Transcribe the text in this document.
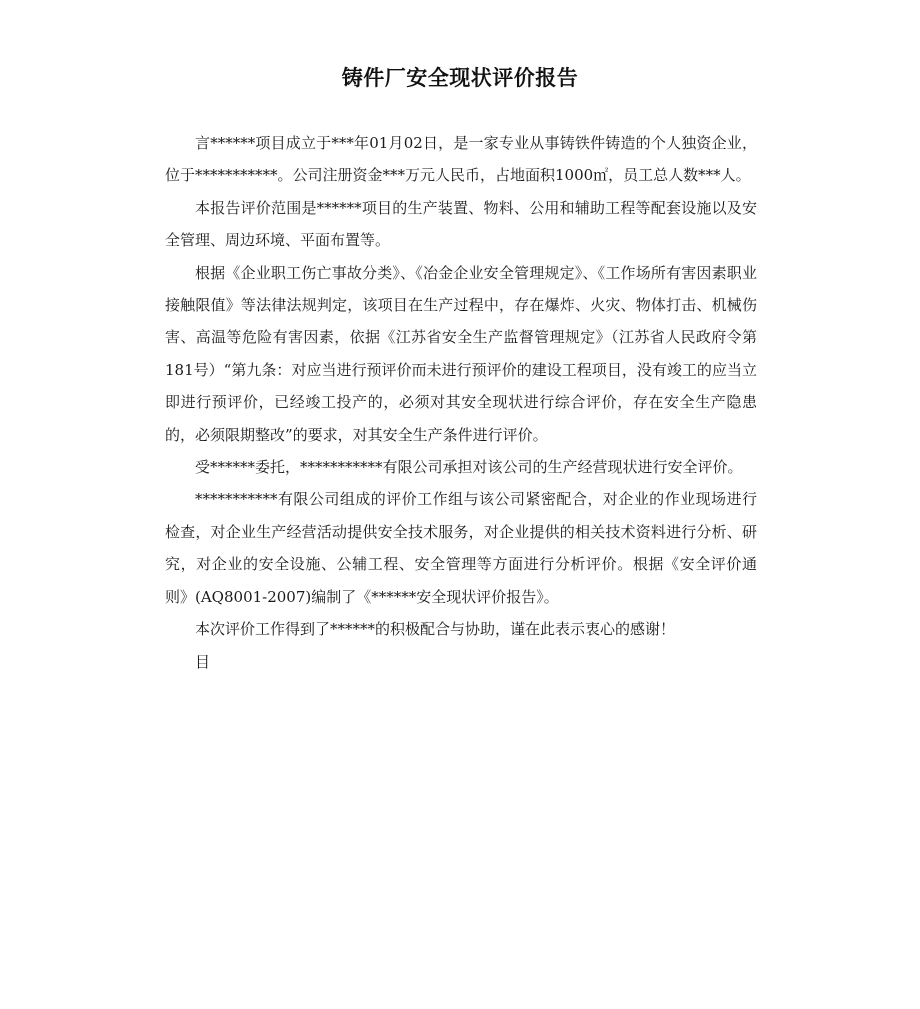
铸件厂安全现状评价报告

言******项目成立于***年01月02日，是一家专业从事铸铁件铸造的个人独资企业，位于***********。公司注册资金***万元人民币，占地面积1000㎡，员工总人数***人。

本报告评价范围是******项目的生产装置、物料、公用和辅助工程等配套设施以及安全管理、周边环境、平面布置等。

根据《企业职工伤亡事故分类》、《冶金企业安全管理规定》、《工作场所有害因素职业接触限值》等法律法规判定，该项目在生产过程中，存在爆炸、火灾、物体打击、机械伤害、高温等危险有害因素，依据《江苏省安全生产监督管理规定》（江苏省人民政府令第181号）“第九条：对应当进行预评价而未进行预评价的建设工程项目，没有竣工的应当立即进行预评价，已经竣工投产的，必须对其安全现状进行综合评价，存在安全生产隐患的，必须限期整改”的要求，对其安全生产条件进行评价。

受******委托，***********有限公司承担对该公司的生产经营现状进行安全评价。

***********有限公司组成的评价工作组与该公司紧密配合，对企业的作业现场进行检查，对企业生产经营活动提供安全技术服务，对企业提供的相关技术资料进行分析、研究，对企业的安全设施、公辅工程、安全管理等方面进行分析评价。根据《安全评价通则》(AQ8001-2007)编制了《******安全现状评价报告》。

本次评价工作得到了******的积极配合与协助，谨在此表示衷心的感谢！

目
